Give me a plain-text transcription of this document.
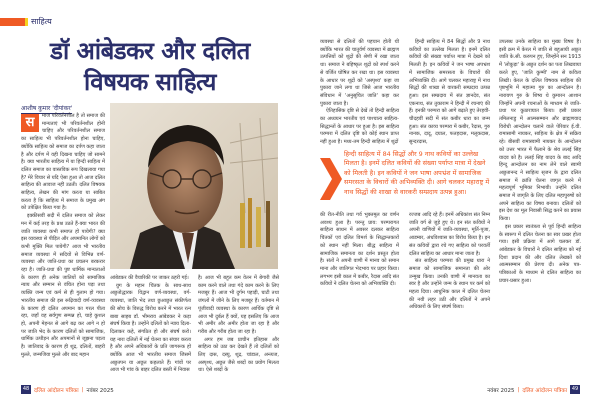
साहित्य
डॉ आंबेडकर और दलित
विषयक साहित्य
आशीष कुमार 'दीपांकर'

स	माज परिवर्तनशील है तो समाज की मान्यताएं भी परिवर्तनशील होनी चाहिए और परिवर्तनशील समाज का साहित्य भी परिवर्तनशील होना चाहिए, क्योंकि साहित्य को समाज का दर्पण कहा जाता है और दर्पण में वही दिखना चाहिए जो सामने है। क्या भारतीय साहित्य में या हिन्दी साहित्य में दलित समाज का वास्तविक रूप दिखलाया गया है? मेरे विचार से यदि ऐसा हुआ तो आज दलित साहित्य की आवाज नहीं उठती। दलित विषयक साहित्य, लेखन की मांग करता या साबित करता है कि साहित्य में समाज के प्रमुख अंग को उपेक्षित किया गया है।

इक्कीसवीं सदी में दलित समाज को लेकर मन में कई तरह के प्रश्न उठते हैं-क्या भारत की जाति व्यवस्था कभी समाप्त हो पायेगी? क्या इस व्यवस्था से पीड़ित और अपमानित लोगों को कभी मुक्ति मिल पायेगी? आज भी भारतीय समाज व्यवस्था में सदियों से विभिन्न वर्ण-व्यवस्था और जाति-प्रथा का प्रचलन बरकरार रहा है। जाति-प्रथा की पुष्ट धार्मिक मान्यताओं के कारण ही अनेक जातियों को सामाजिक न्याय और सम्मान से वंचित होना पड़ा तथा व्यक्ति जन्म एवं कर्म से ही गुलाम हो गया। भारतीय समाज की इस रूढ़िवादी वर्ण-व्यवस्था के कारण ही दलित अपमान का गरल पीता रहा, जहाँ वह सर्वगुण सम्पन्न हो, चाहे कुशल हो, अपनी मेहनत से आगे बढ़ कर आगे न हो पर जाति भेद के कारण दलितों को सामाजिक, धार्मिक उत्पीड़न और अपमानों से जूझना पड़ता है। जातिवाद के कारण ही शूद्र, दलितों, बाहरी मुल्ले, जन्मजिया मुल्ले और बाद महान

आंबेडकर की वैचारिकी पर जाकर ठहरी गई।

युग के महान चिंतक के साथ-साथ अछूतोद्धारक विद्वान वर्ण-व्यवस्था, वर्ग-व्यवस्था, जाति भेद तथा छुआछूत संकीर्णता की सोच के विरुद्ध विरोध करने में भारत रत्न बाबा साहब डॉ. भीमराव आंबेडकर ने कड़ा संघर्ष किया है। उन्होंने दलितों को न्याय दिला-दिलाकर कहे, संगठित हो और संघर्ष करो। यह नारा दलितों में नई चेतना का संचार करता है और अपने अधिकारों के प्रति जागरूक हो क्योंकि आज भी भारतीय समाज जिसमें अछूतपन या अछूत कहलाते हैं। गांवों पर आज भी गांव के बाहर दलित बस्ती में निवास

है। आज भी बहुत कम वेतन में बेगारी जैसे काम करने वाले तथा गंदे काम करने के लिए मजबूर हैं। आज भी दुर्गम पहाड़ी, घाटी तथा जंगलों में जीने के लिए मजबूर हैं। वर्तमान में पूंजीवादी व्यवस्था के कारण आर्थिक दृष्टि से आज भी दुर्बल हैं क्यों, यह इसलिए कि आज भी अमीर और अमीर होता जा रहा है और गरीब और गरीब होता जा रहा है।

अगर हम जब प्राचीन इतिहास और साहित्य को उठा कर देखते हैं तो दलितों को लिए दास, दस्यु, शूद्र, चांडाल, अन्त्यज, अस्पृश्य, अछूत जैसे शब्दों का प्रयोग मिलता था। ऐसे शब्दों के

व्यवस्था से दलितों की पहचान होती थी क्योंकि भारत की चातुर्वर्ण व्यवस्था में ब्राह्मण उत्पत्तियों को शूद्रों की श्रेणी में रखा जाता था। समाज ने बहिष्कृत शूद्रों को स्पर्श करने से वर्जित घोषित कर रखा था। इस व्यवस्था के आधार पर शूद्रों को 'अस्पृश्य' कहा जा पुकारा जाने लगा था जिसे आज भारतीय संविधान में 'अनुसूचित जाति' कहा कर पुकारा जाता है।

ऐतिहासिक दृष्टि से देखें तो हिन्दी साहित्य का अध्ययन भारतीय एवं पाश्चात्य साहित्य-सिद्धान्तों के आधार पर हुआ है। इस साहित्य परम्परा में दलित दृष्टि को कोई स्थान प्राप्त नहीं हुआ है। मध्य-तम हिन्दी साहित्य में शूद्रों

की रीत-नीति तथा गर्व भुक्तमूल का वर्णन अवश्य हुआ है। परन्तु प्राय: परम्परागत साहित्य साधन में अवसर दलकर साहित्य चिंतकों एवं दलित विमर्श के सिद्धान्तकारों को स्थान नहीं मिला। बौद्ध साहित्य में सामाजिक समानता का दर्शन प्रस्तुत होता है। संतों ने अपनी वाणी में मानव को समान माना और जातिगत भेदभाव पर प्रहार किया। लगभग इसी काल में कबीर, रैदास आदि संत कवियों ने दलित चेतना को अभिव्यक्ति दी।

हिन्दी साहित्य में 84 सिद्धों और 9 नाथ कवियों का उल्लेख मिलता है। इनमें दलित कवियों की संख्या पर्याप्त मात्रा में देखने को मिलती है। इन कवियों ने जन भाषा अपभ्रंश में सामाजिक समरसता के विचारों की अभिव्यक्ति दी। आगे चलकर महाराष्ट्र में नाथ सिद्धों की शाखा से वारकरी सम्प्रदाय उत्पन्न हुआ। इस सम्प्रदाय में संत ज्ञानदेव, संत एकनाथ, संत तुकाराम ने हिन्दी में रचनाएं की हैं। इनकी परम्परा को आगे बढ़ाते हुए तेरहवीं-चौदहवीं सदी में संत कबीर धारा का जन्म हुआ। संत काव्य परम्परा में कबीर, रैदास, गुरु नानक, दादू, दयाल, फतहदास, मलूकदास, सुन्दरदास,

रज्जब आदि रहे हैं। इनमें अधिकांश संत निम्न जाति वर्ग से जुड़े हुए थे। इन संत कवियों ने अपनी वाणियों में जाति-व्यवस्था, मूर्ति-पूजा, आडम्बर, अंधविश्वास का विरोध किया है। इन संत कवियों द्वारा रचे गए साहित्य को परवर्ती दलित साहित्य का आधार माना जाता है।

संत साहित्य परम्परा की प्रमुख धारा ने समाज को सामाजिक समानता की ओर उन्मुख किया। उनकी वाणी में मानवता का स्वर है और उन्होंने जन्म के स्थान पर कर्म को महत्व दिया। आधुनिक काल में दलित चेतना की नयी लहर उठी और दलितों ने अपने अधिकारों के लिए संघर्ष किया।

उपलब्ध उनके साहित्य का मुख्य विषय है। इसी क्रम में केरल में जाति से बहुआयी अछूत जाति के.सी. करुपन हुए, जिन्होंने सन 1913 में 'लोकुड़ा' के अछूत दर्शन का पता लिखवाया करते हुए, 'जाति कुम्मी' नाम से कविता लिखी। केरल के दलित विषयक साहित्य की पृष्ठभूमि में महात्मा गुरु का आन्दोलन है। नारायण गुरु के शिष्य थे कुमारन आशान जिन्होंने अपनी रचनाओं के माध्यम से जाति-प्रथा पर कुठाराघात किया। इसी प्रकार तमिलनाडु में आत्मसम्मान और ब्राह्मणवाद विरोधी आन्दोलन चलाने वाले पेरियार ई.वी. रामासामी नायकर, साहित्य के क्षेत्र में सक्रिय रहे। बीसवीं रामास्वामी नायकर के आन्दोलन को उत्तर भारत में फैलाने के श्रेय ललई सिंह यादव को है। ललई सिंह यादव के बाद आदि हिन्दू आन्दोलन का नाम लेने वाले स्वामी अछूतानन्द ने साहित्य सृजन के द्वारा दलित समाज में क्रांति चेतना जागृत करने में महत्वपूर्ण भूमिका निभायी। उन्होंने दलित समाज में जागृति के लिए दलित महापुरुषों को अपने साहित्य का विषय बनाया। दलितों को इस देश का मूल निवासी सिद्ध करने का प्रयास किया।

इस प्रकार स्वतंत्रता से पूर्व हिन्दी साहित्य के स्वरूप में दलित चेतना का स्वर प्रखर होता गया। इसी प्रक्रिया में आगे चलकर डॉ. आंबेडकर के विचारों ने दलित साहित्य को नई दिशा प्रदान की और दलित लेखकों को आत्मसम्मान की प्रेरणा दी। अनेक पत्र-पत्रिकाओं के माध्यम से दलित साहित्य का प्रचार-प्रसार हुआ।

हिन्दी साहित्य में 84 सिद्धों और 9 नाथ कवियों का उल्लेख मिलता है। इनमें दलित कवियों की संख्या पर्याप्त मात्रा में देखने को मिलती है। इन कवियों ने जन भाषा अपभ्रंश में सामाजिक समरसता के विचारों की अभिव्यक्ति दी। आगे चलकर महाराष्ट्र में नाथ सिद्धों की शाखा से वारकरी सम्प्रदाय उत्पन्न हुआ।
48 दलित आंदोलन पत्रिका | नवंबर 2025	नवंबर 2025 | दलित आंदोलन पत्रिका 49
